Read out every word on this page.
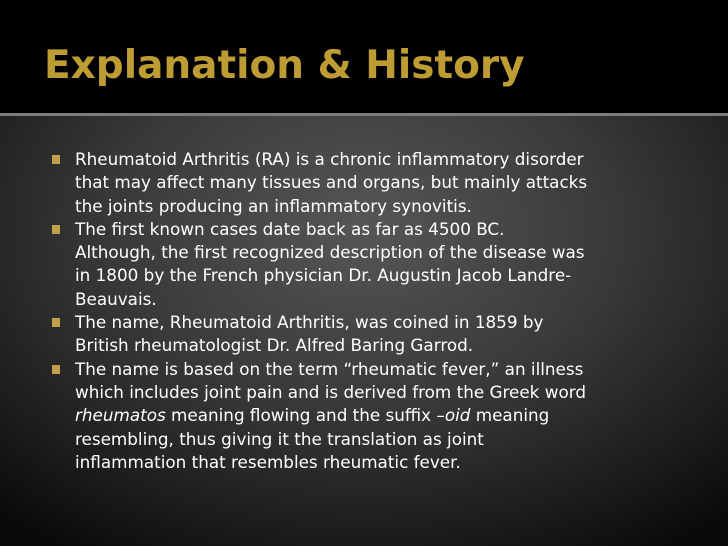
Explanation & History
Rheumatoid Arthritis (RA) is a chronic inflammatory disorder
that may affect many tissues and organs, but mainly attacks
the joints producing an inflammatory synovitis.
The first known cases date back as far as 4500 BC.
Although, the first recognized description of the disease was
in 1800 by the French physician Dr. Augustin Jacob Landre-
Beauvais.
The name, Rheumatoid Arthritis, was coined in 1859 by
British rheumatologist Dr. Alfred Baring Garrod.
The name is based on the term “rheumatic fever,” an illness
which includes joint pain and is derived from the Greek word
rheumatos meaning flowing and the suffix –oid meaning
resembling, thus giving it the translation as joint
inflammation that resembles rheumatic fever.
